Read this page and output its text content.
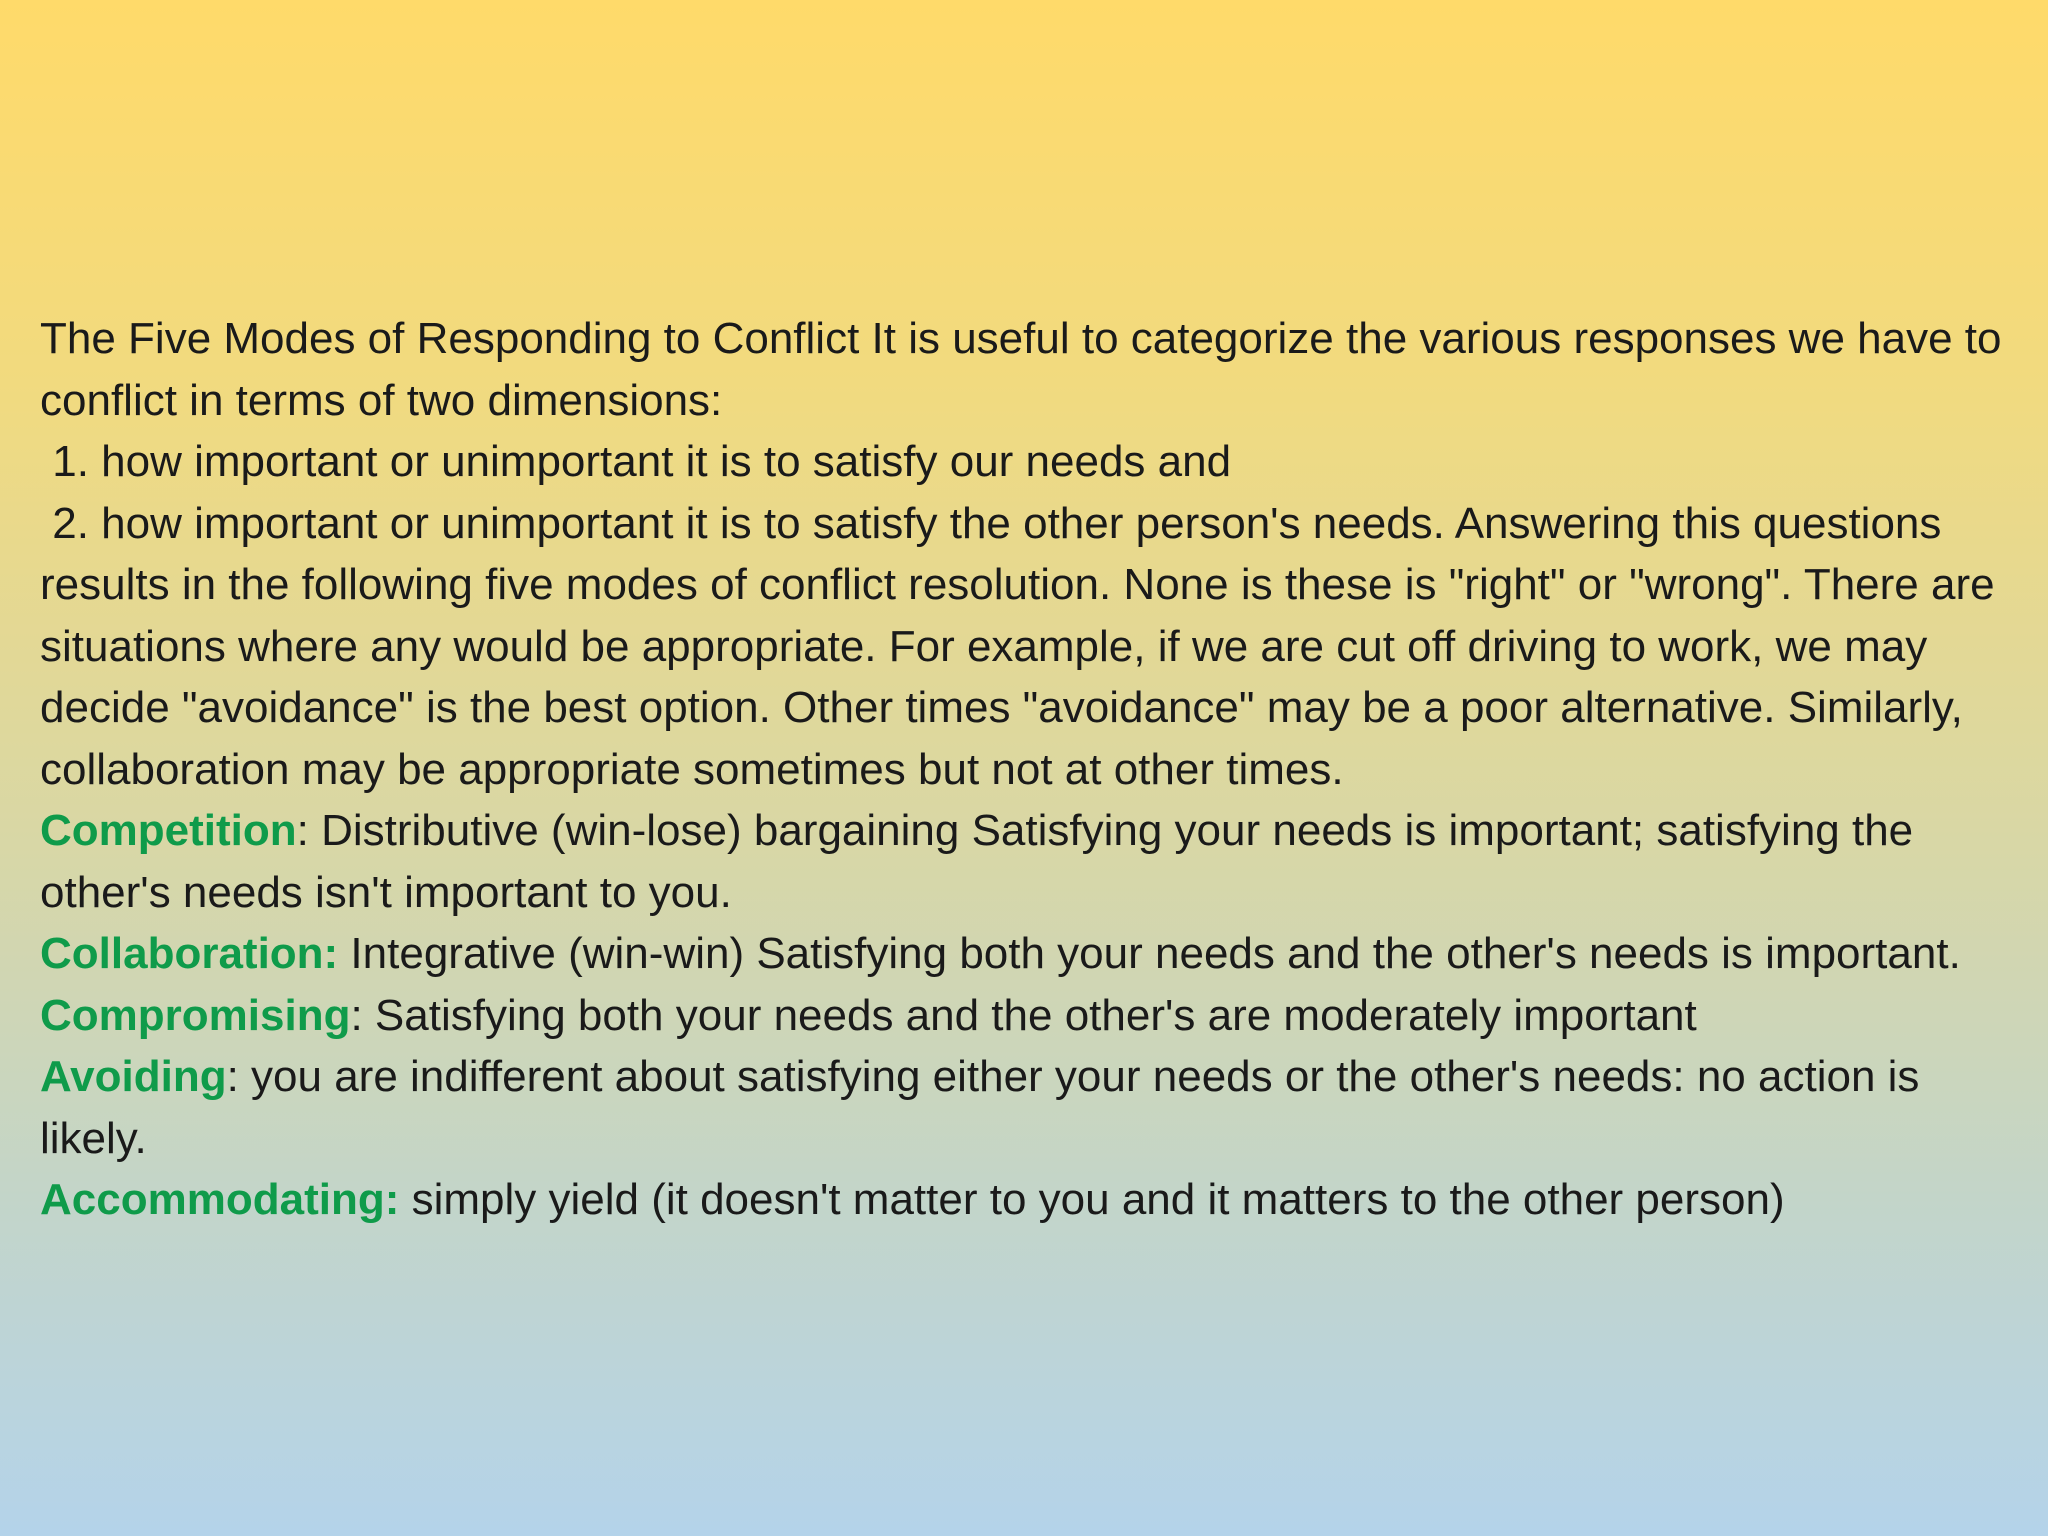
The Five Modes of Responding to Conflict It is useful to categorize the various responses we have to conflict in terms of two dimensions:

1. how important or unimportant it is to satisfy our needs and

2. how important or unimportant it is to satisfy the other person's needs. Answering this questions results in the following five modes of conflict resolution. None is these is "right" or "wrong". There are situations where any would be appropriate. For example, if we are cut off driving to work, we may decide "avoidance" is the best option. Other times "avoidance" may be a poor alternative. Similarly, collaboration may be appropriate sometimes but not at other times.

Competition: Distributive (win-lose) bargaining Satisfying your needs is important; satisfying the other's needs isn't important to you.

Collaboration: Integrative (win-win) Satisfying both your needs and the other's needs is important.

Compromising: Satisfying both your needs and the other's are moderately important

Avoiding: you are indifferent about satisfying either your needs or the other's needs: no action is likely.

Accommodating: simply yield (it doesn't matter to you and it matters to the other person)
